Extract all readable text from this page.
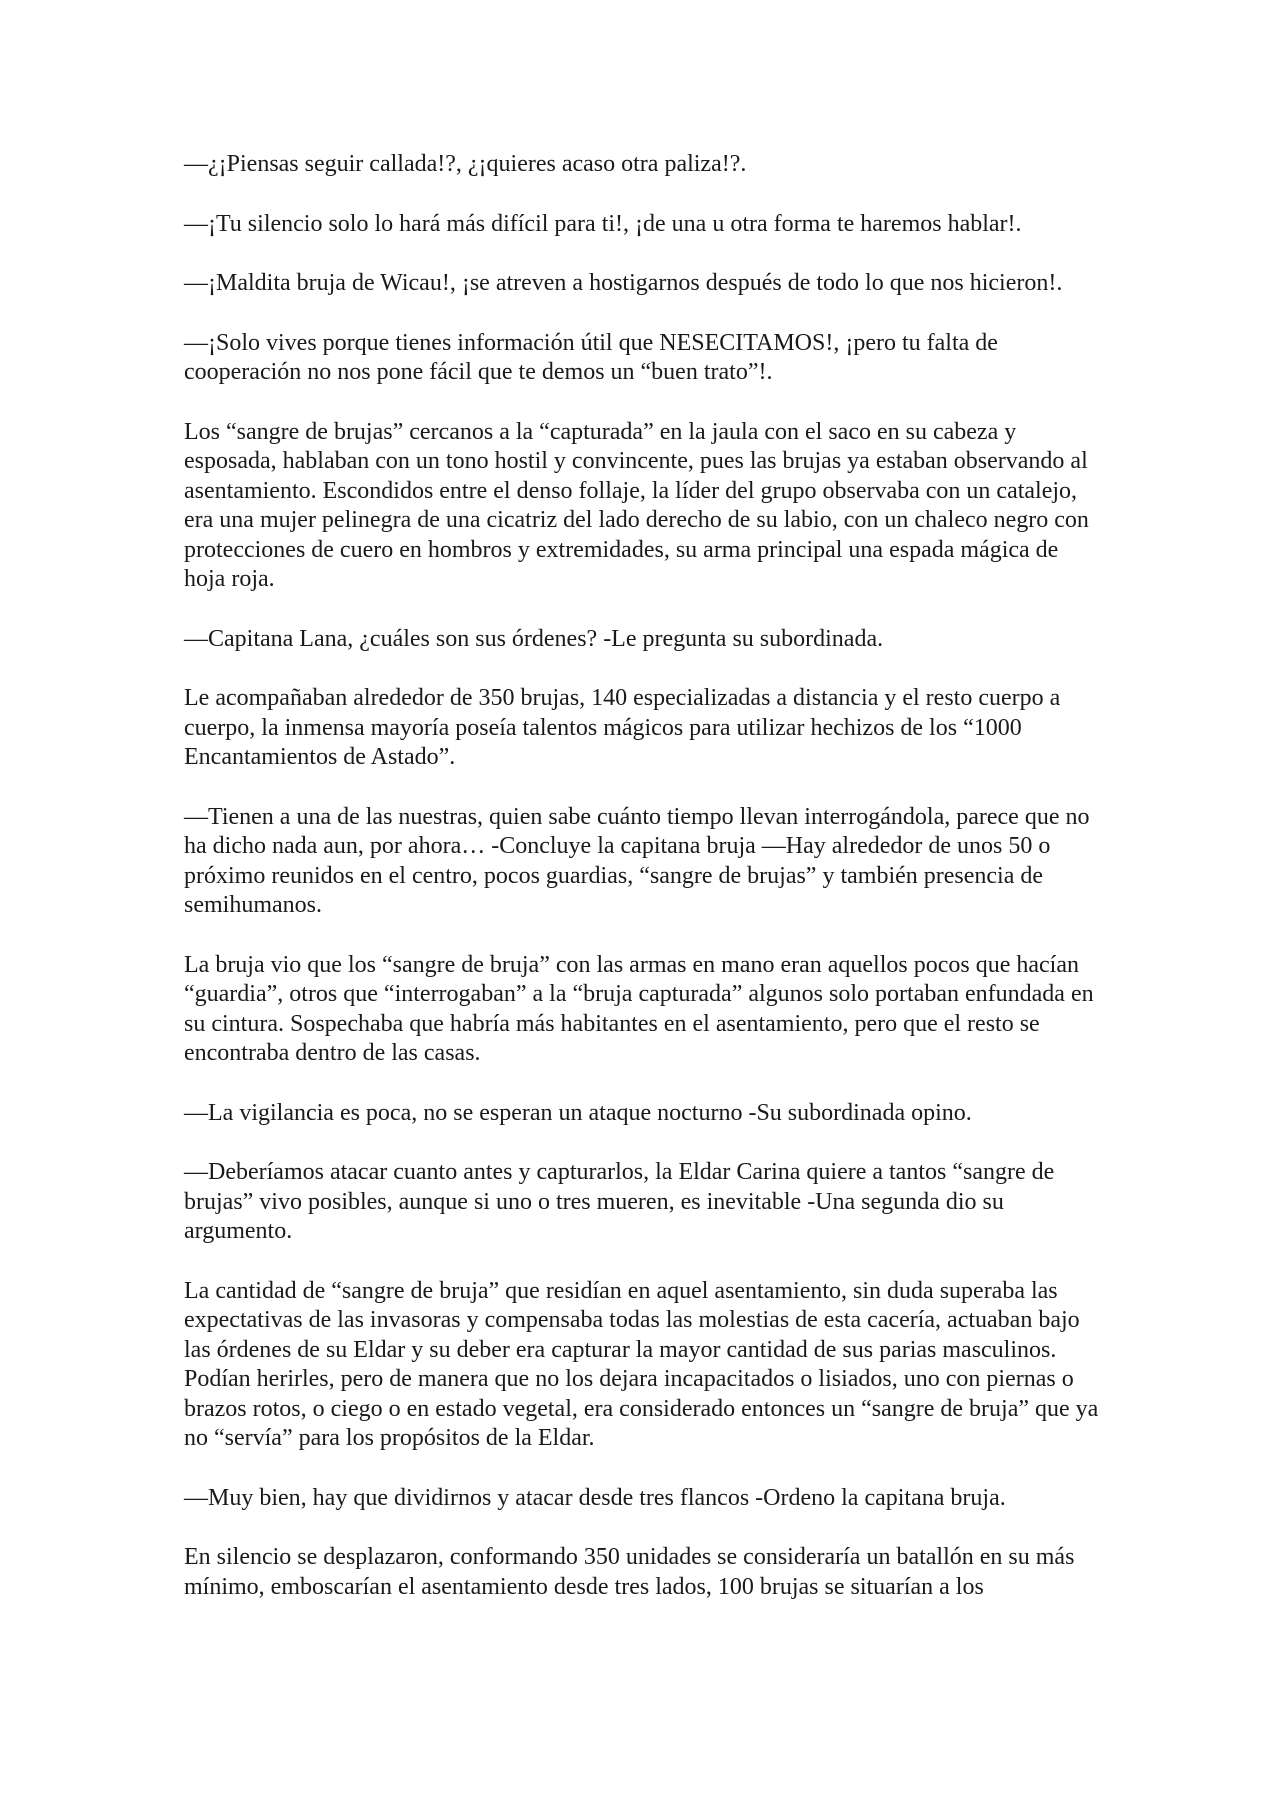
—¿¡Piensas seguir callada!?, ¿¡quieres acaso otra paliza!?.

—¡Tu silencio solo lo hará más difícil para ti!, ¡de una u otra forma te haremos hablar!.

—¡Maldita bruja de Wicau!, ¡se atreven a hostigarnos después de todo lo que nos hicieron!.

—¡Solo vives porque tienes información útil que NESECITAMOS!, ¡pero tu falta de cooperación no nos pone fácil que te demos un “buen trato”!.

Los “sangre de brujas” cercanos a la “capturada” en la jaula con el saco en su cabeza y esposada, hablaban con un tono hostil y convincente, pues las brujas ya estaban observando al asentamiento. Escondidos entre el denso follaje, la líder del grupo observaba con un catalejo, era una mujer pelinegra de una cicatriz del lado derecho de su labio, con un chaleco negro con protecciones de cuero en hombros y extremidades, su arma principal una espada mágica de hoja roja.

—Capitana Lana, ¿cuáles son sus órdenes? -Le pregunta su subordinada.

Le acompañaban alrededor de 350 brujas, 140 especializadas a distancia y el resto cuerpo a cuerpo, la inmensa mayoría poseía talentos mágicos para utilizar hechizos de los “1000 Encantamientos de Astado”.

—Tienen a una de las nuestras, quien sabe cuánto tiempo llevan interrogándola, parece que no ha dicho nada aun, por ahora… -Concluye la capitana bruja —Hay alrededor de unos 50 o próximo reunidos en el centro, pocos guardias, “sangre de brujas” y también presencia de semihumanos.

La bruja vio que los “sangre de bruja” con las armas en mano eran aquellos pocos que hacían “guardia”, otros que “interrogaban” a la “bruja capturada” algunos solo portaban enfundada en su cintura. Sospechaba que habría más habitantes en el asentamiento, pero que el resto se encontraba dentro de las casas.

—La vigilancia es poca, no se esperan un ataque nocturno -Su subordinada opino.

—Deberíamos atacar cuanto antes y capturarlos, la Eldar Carina quiere a tantos “sangre de brujas” vivo posibles, aunque si uno o tres mueren, es inevitable -Una segunda dio su argumento.

La cantidad de “sangre de bruja” que residían en aquel asentamiento, sin duda superaba las expectativas de las invasoras y compensaba todas las molestias de esta cacería, actuaban bajo las órdenes de su Eldar y su deber era capturar la mayor cantidad de sus parias masculinos. Podían herirles, pero de manera que no los dejara incapacitados o lisiados, uno con piernas o brazos rotos, o ciego o en estado vegetal, era considerado entonces un “sangre de bruja” que ya no “servía” para los propósitos de la Eldar.

—Muy bien, hay que dividirnos y atacar desde tres flancos -Ordeno la capitana bruja.

En silencio se desplazaron, conformando 350 unidades se consideraría un batallón en su más mínimo, emboscarían el asentamiento desde tres lados, 100 brujas se situarían a los
